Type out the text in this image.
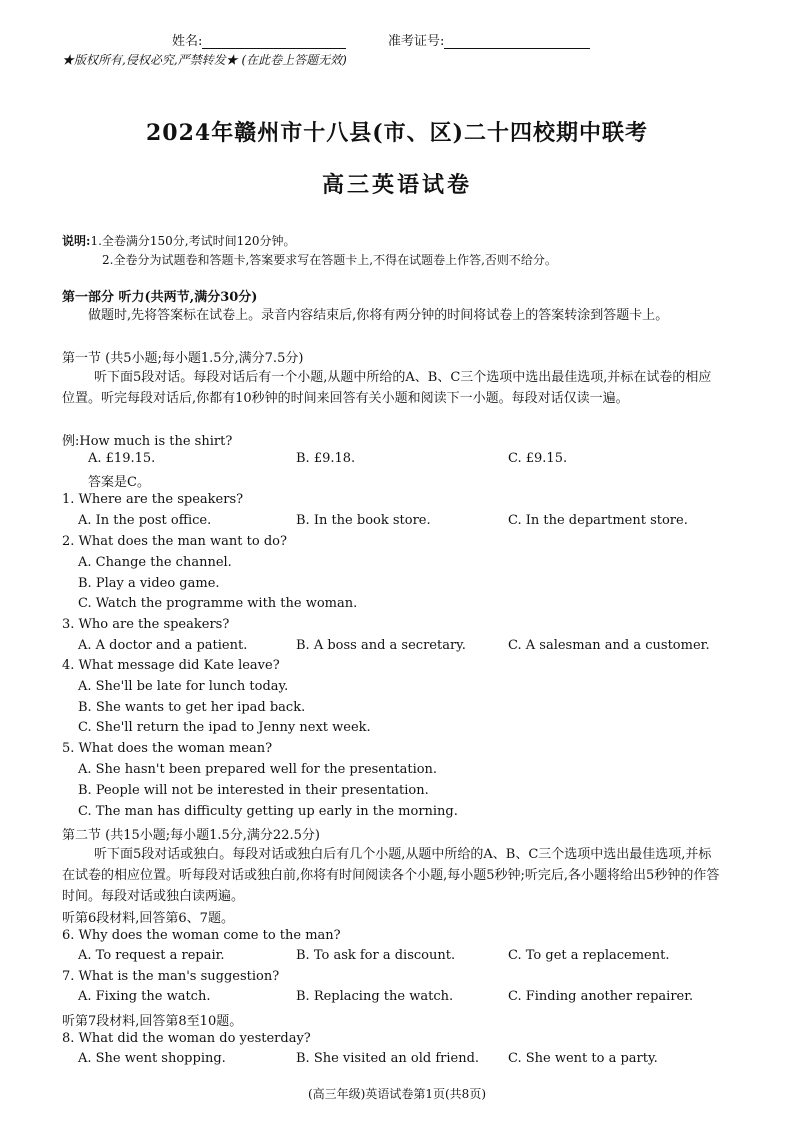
姓名:	准考证号:
★版权所有,侵权必究,严禁转发★ (在此卷上答题无效)
2024年赣州市十八县(市、区)二十四校期中联考
高三英语试卷
说明:1.全卷满分150分,考试时间120分钟。
2.全卷分为试题卷和答题卡,答案要求写在答题卡上,不得在试题卷上作答,否则不给分。
第一部分 听力(共两节,满分30分)
做题时,先将答案标在试卷上。录音内容结束后,你将有两分钟的时间将试卷上的答案转涂到答题卡上。
第一节 (共5小题;每小题1.5分,满分7.5分)
听下面5段对话。每段对话后有一个小题,从题中所给的A、B、C三个选项中选出最佳选项,并标在试卷的相应位置。听完每段对话后,你都有10秒钟的时间来回答有关小题和阅读下一小题。每段对话仅读一遍。
例:How much is the shirt?
A. £19.15.	B. £9.18.	C. £9.15.
答案是C。
1. Where are the speakers?
A. In the post office.	B. In the book store.	C. In the department store.
2. What does the man want to do?
A. Change the channel.
B. Play a video game.
C. Watch the programme with the woman.
3. Who are the speakers?
A. A doctor and a patient.	B. A boss and a secretary.	C. A salesman and a customer.
4. What message did Kate leave?
A. She'll be late for lunch today.
B. She wants to get her ipad back.
C. She'll return the ipad to Jenny next week.
5. What does the woman mean?
A. She hasn't been prepared well for the presentation.
B. People will not be interested in their presentation.
C. The man has difficulty getting up early in the morning.
第二节 (共15小题;每小题1.5分,满分22.5分)
听下面5段对话或独白。每段对话或独白后有几个小题,从题中所给的A、B、C三个选项中选出最佳选项,并标在试卷的相应位置。听每段对话或独白前,你将有时间阅读各个小题,每小题5秒钟;听完后,各小题将给出5秒钟的作答时间。每段对话或独白读两遍。
听第6段材料,回答第6、7题。
6. Why does the woman come to the man?
A. To request a repair.	B. To ask for a discount.	C. To get a replacement.
7. What is the man's suggestion?
A. Fixing the watch.	B. Replacing the watch.	C. Finding another repairer.
听第7段材料,回答第8至10题。
8. What did the woman do yesterday?
A. She went shopping.	B. She visited an old friend. C. She went to a party.
(高三年级)英语试卷第1页(共8页)
